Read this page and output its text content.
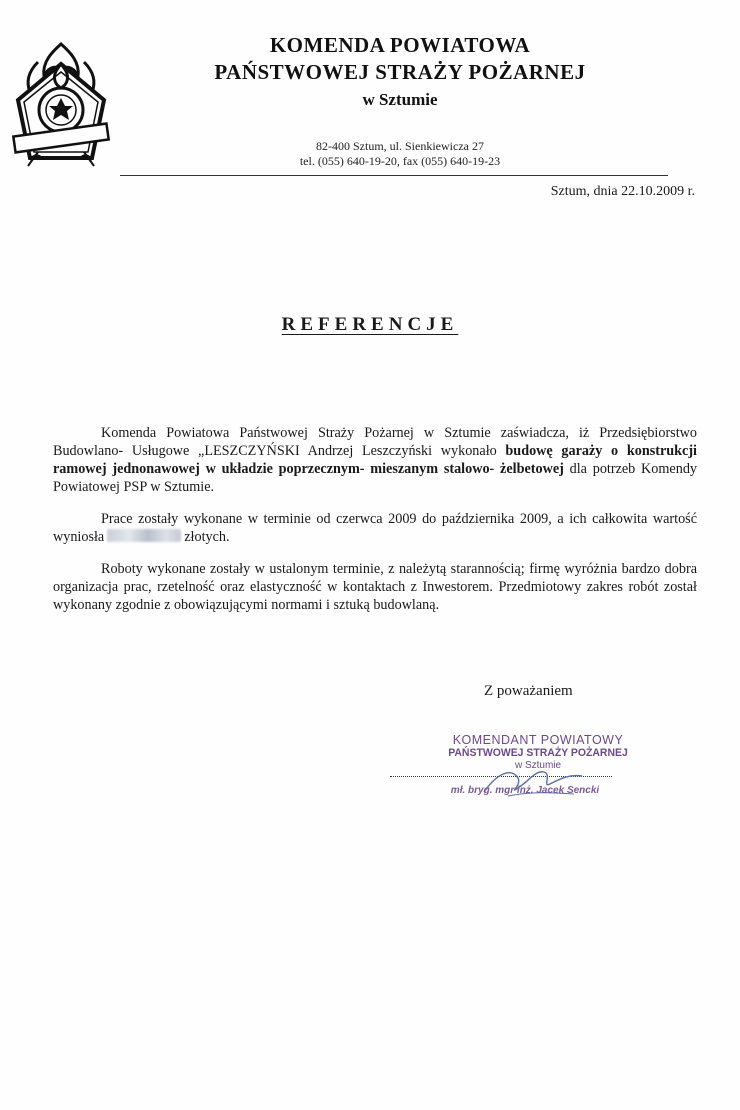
KOMENDA POWIATOWA
PAŃSTWOWEJ STRAŻY POŻARNEJ
w Sztumie
82-400 Sztum, ul. Sienkiewicza 27
tel. (055) 640-19-20, fax (055) 640-19-23
Sztum, dnia 22.10.2009 r.
REFERENCJE
Komenda Powiatowa Państwowej Straży Pożarnej w Sztumie zaświadcza, iż Przedsiębiorstwo Budowlano- Usługowe „LESZCZYŃSKI Andrzej Leszczyński wykonało budowę garaży o konstrukcji ramowej jednonawowej w układzie poprzecznym- mieszanym stalowo- żelbetowej dla potrzeb Komendy Powiatowej PSP w Sztumie.
Prace zostały wykonane w terminie od czerwca 2009 do października 2009, a ich całkowita wartość wyniosła	złotych.
Roboty wykonane zostały w ustalonym terminie, z należytą starannością; firmę wyróżnia bardzo dobra organizacja prac, rzetelność oraz elastyczność w kontaktach z Inwestorem. Przedmiotowy zakres robót został wykonany zgodnie z obowiązującymi normami i sztuką budowlaną.
Z poważaniem
KOMENDANT POWIATOWY
PAŃSTWOWEJ STRAŻY POŻARNEJ
w Sztumie
mł. bryg. mgr inż. Jacek Sencki
